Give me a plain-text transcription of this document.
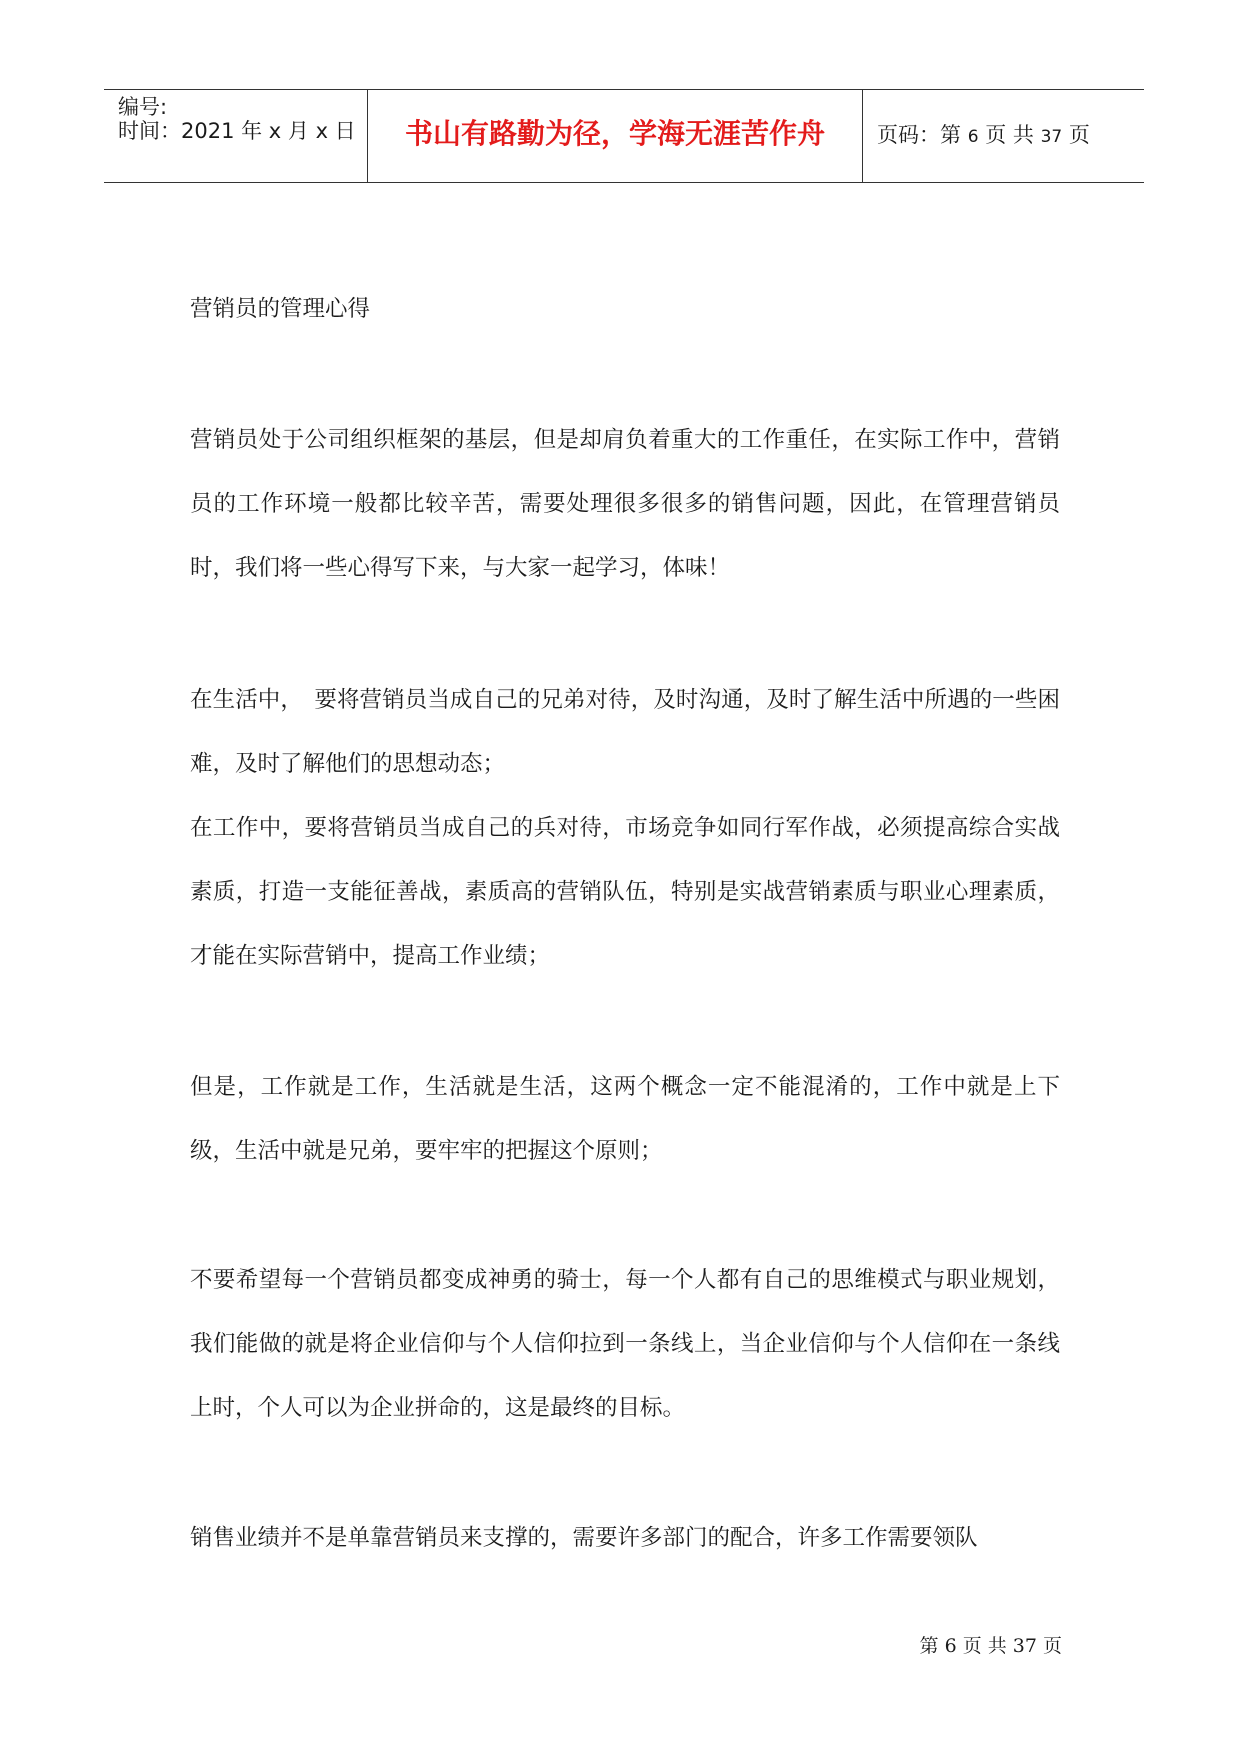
编号:
时间：2021 年 x 月 x 日	书山有路勤为径，学海无涯苦作舟	页码：第 6 页 共 37 页

营销员的管理心得

营销员处于公司组织框架的基层，但是却肩负着重大的工作重任，在实际工作中，营销员的工作环境一般都比较辛苦，需要处理很多很多的销售问题，因此，在管理营销员时，我们将一些心得写下来，与大家一起学习，体味！

在生活中，　要将营销员当成自己的兄弟对待，及时沟通，及时了解生活中所遇的一些困难，及时了解他们的思想动态；

在工作中，要将营销员当成自己的兵对待，市场竞争如同行军作战，必须提高综合实战素质，打造一支能征善战，素质高的营销队伍，特别是实战营销素质与职业心理素质，才能在实际营销中，提高工作业绩；

但是，工作就是工作，生活就是生活，这两个概念一定不能混淆的，工作中就是上下级，生活中就是兄弟，要牢牢的把握这个原则；

不要希望每一个营销员都变成神勇的骑士，每一个人都有自己的思维模式与职业规划，我们能做的就是将企业信仰与个人信仰拉到一条线上，当企业信仰与个人信仰在一条线上时，个人可以为企业拼命的，这是最终的目标。

销售业绩并不是单靠营销员来支撑的，需要许多部门的配合，许多工作需要领队

第 6 页 共 37 页
